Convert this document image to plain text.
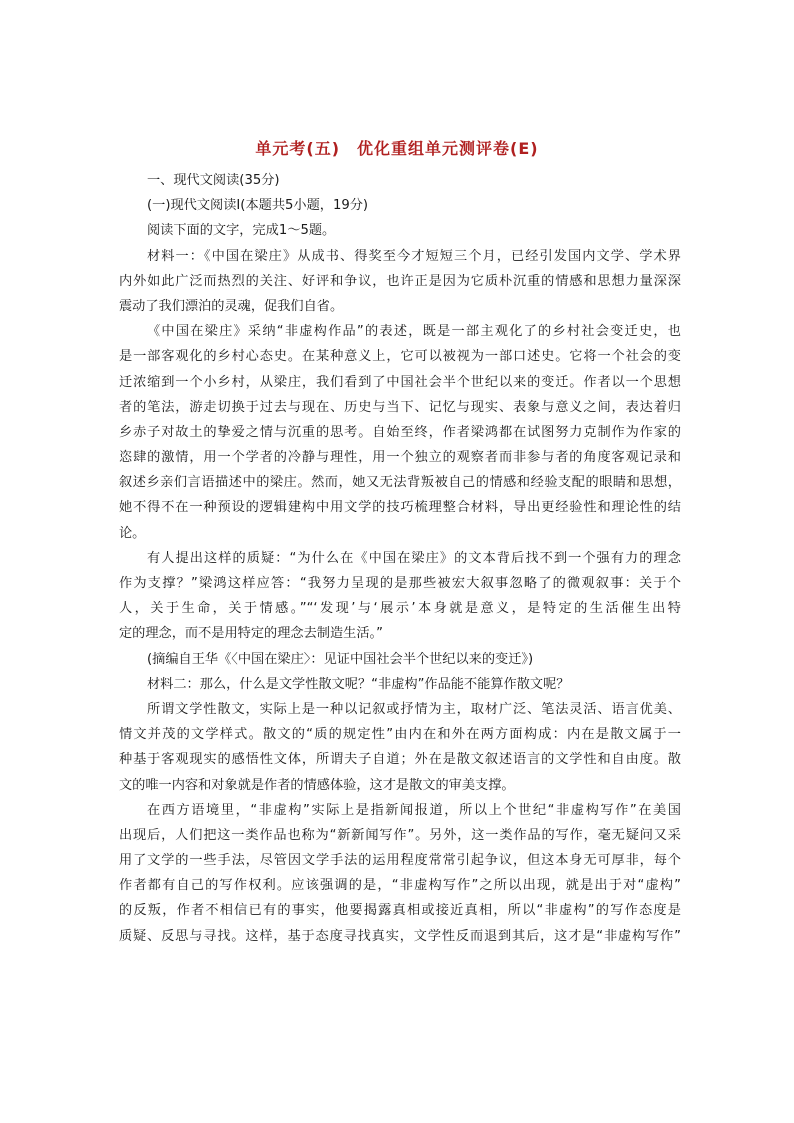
单元考(五)　优化重组单元测评卷(E)
一、现代文阅读(35分)
(一)现代文阅读Ⅰ(本题共5小题，19分)
阅读下面的文字，完成1～5题。
材料一：《中国在梁庄》从成书、得奖至今才短短三个月，已经引发国内文学、学术界
内外如此广泛而热烈的关注、好评和争议，也许正是因为它质朴沉重的情感和思想力量深深
震动了我们漂泊的灵魂，促我们自省。
《中国在梁庄》采纳“非虚构作品”的表述，既是一部主观化了的乡村社会变迁史，也
是一部客观化的乡村心态史。在某种意义上，它可以被视为一部口述史。它将一个社会的变
迁浓缩到一个小乡村，从梁庄，我们看到了中国社会半个世纪以来的变迁。作者以一个思想
者的笔法，游走切换于过去与现在、历史与当下、记忆与现实、表象与意义之间，表达着归
乡赤子对故土的挚爱之情与沉重的思考。自始至终，作者梁鸿都在试图努力克制作为作家的
恣肆的激情，用一个学者的冷静与理性，用一个独立的观察者而非参与者的角度客观记录和
叙述乡亲们言语描述中的梁庄。然而，她又无法背叛被自己的情感和经验支配的眼睛和思想，
她不得不在一种预设的逻辑建构中用文学的技巧梳理整合材料，导出更经验性和理论性的结
论。
有人提出这样的质疑：“为什么在《中国在梁庄》的文本背后找不到一个强有力的理念
作为支撑？”梁鸿这样应答：“我努力呈现的是那些被宏大叙事忽略了的微观叙事：关于个
人，关于生命，关于情感。”“‘发现’与‘展示’本身就是意义，是特定的生活催生出特
定的理念，而不是用特定的理念去制造生活。”
(摘编自王华《〈中国在梁庄〉：见证中国社会半个世纪以来的变迁》)
材料二：那么，什么是文学性散文呢？“非虚构”作品能不能算作散文呢？
所谓文学性散文，实际上是一种以记叙或抒情为主，取材广泛、笔法灵活、语言优美、
情文并茂的文学样式。散文的“质的规定性”由内在和外在两方面构成：内在是散文属于一
种基于客观现实的感悟性文体，所谓夫子自道；外在是散文叙述语言的文学性和自由度。散
文的唯一内容和对象就是作者的情感体验，这才是散文的审美支撑。
在西方语境里，“非虚构”实际上是指新闻报道，所以上个世纪“非虚构写作”在美国
出现后，人们把这一类作品也称为“新新闻写作”。另外，这一类作品的写作，毫无疑问又采
用了文学的一些手法，尽管因文学手法的运用程度常常引起争议，但这本身无可厚非，每个
作者都有自己的写作权利。应该强调的是，“非虚构写作”之所以出现，就是出于对“虚构”
的反叛，作者不相信已有的事实，他要揭露真相或接近真相，所以“非虚构”的写作态度是
质疑、反思与寻找。这样，基于态度寻找真实，文学性反而退到其后，这才是“非虚构写作”
